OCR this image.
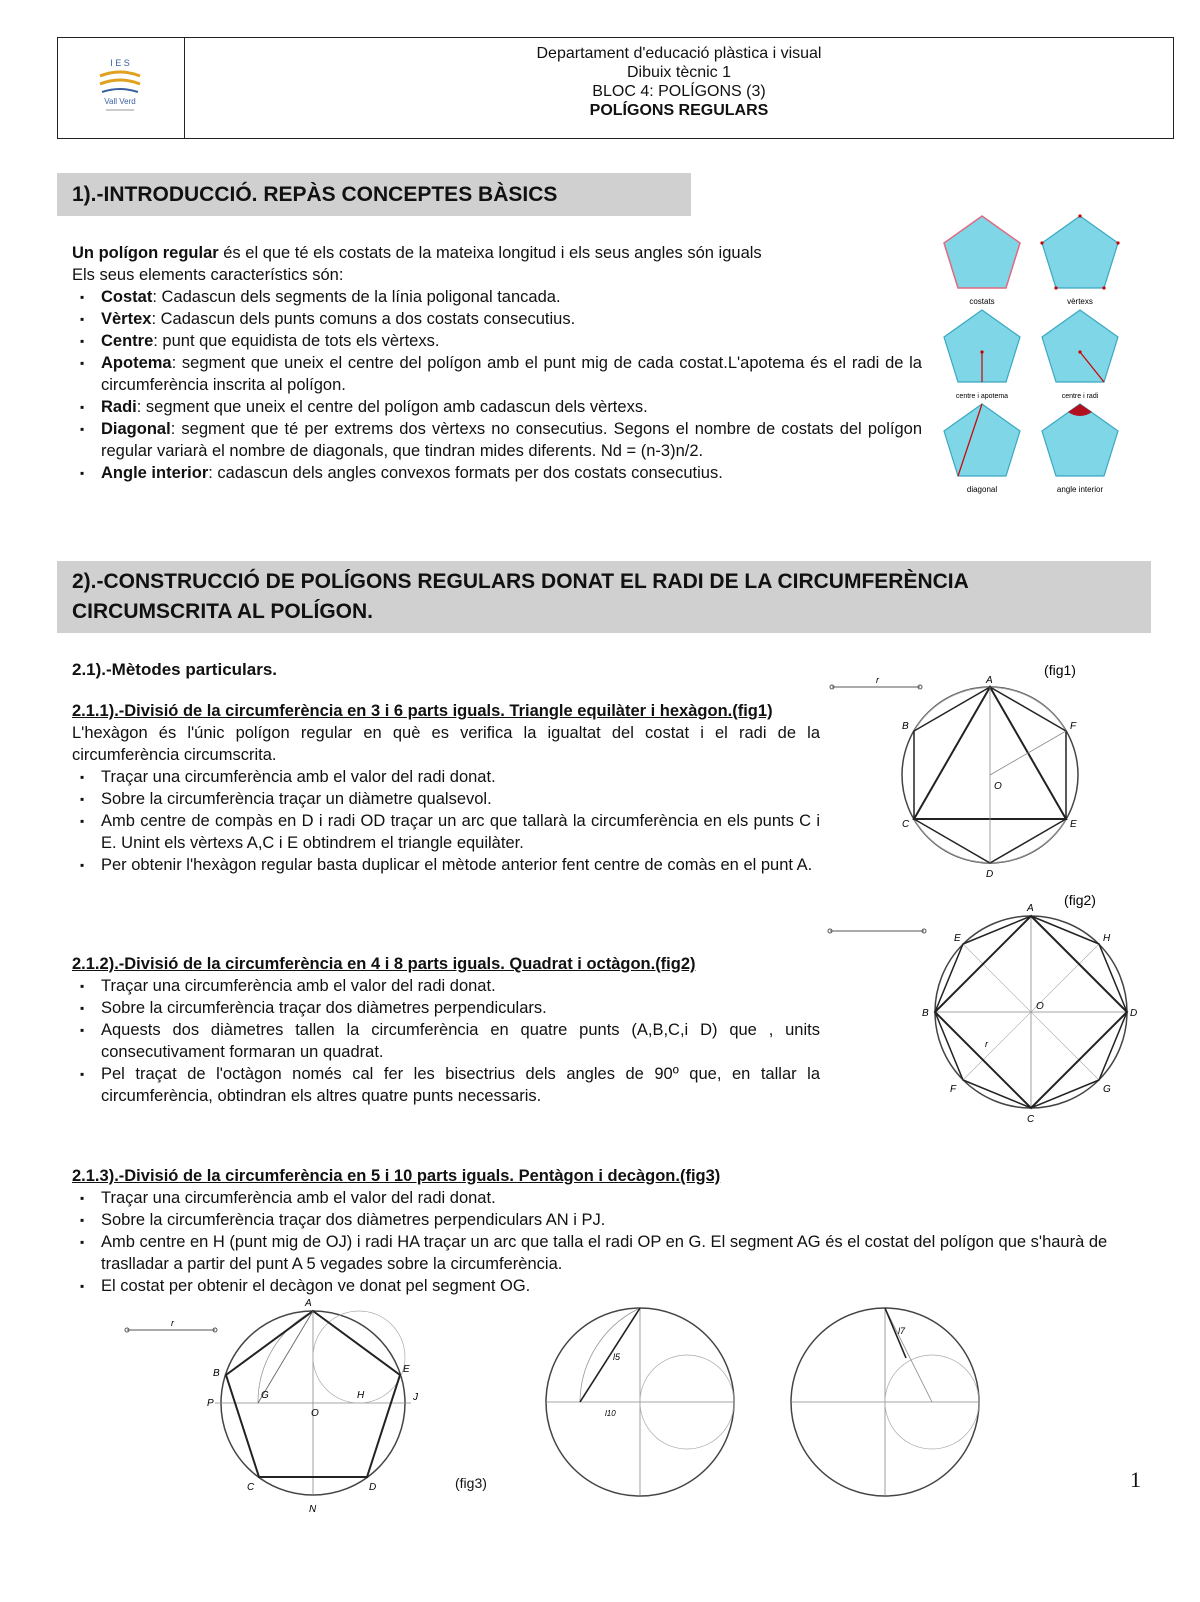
I E S
Vall Verd
Departament d'educació plàstica i visual
Dibuix tècnic 1
BLOC 4: POLÍGONS (3)
POLÍGONS REGULARS
1).-INTRODUCCIÓ. REPÀS CONCEPTES BÀSICS
Un polígon regular és el que té els costats de la mateixa longitud i els seus angles són iguals
Els seus elements característics són:
▪ Costat: Cadascun dels segments de la línia poligonal tancada.
▪ Vèrtex: Cadascun dels punts comuns a dos costats consecutius.
▪ Centre: punt que equidista de tots els vèrtexs.
▪ Apotema: segment que uneix el centre del polígon amb el punt mig de cada costat.L'apotema és el radi de la circumferència inscrita al polígon.
▪ Radi: segment que uneix el centre del polígon amb cadascun dels vèrtexs.
▪ Diagonal: segment que té per extrems dos vèrtexs no consecutius. Segons el nombre de costats del polígon regular variarà el nombre de diagonals, que tindran mides diferents. Nd = (n-3)n/2.
▪ Angle interior: cadascun dels angles convexos formats per dos costats consecutius.
costats	vèrtexs
centre i apotema	centre i radi
diagonal	angle interior
2).-CONSTRUCCIÓ DE POLÍGONS REGULARS DONAT EL RADI DE LA CIRCUMFERÈNCIA
CIRCUMSCRITA AL POLÍGON.
2.1).-Mètodes particulars.
2.1.1).-Divisió de la circumferència en 3 i 6 parts iguals. Triangle equilàter i hexàgon.(fig1)
L'hexàgon és l'únic polígon regular en què es verifica la igualtat del costat i el radi de la circumferència circumscrita.
▪ Traçar una circumferència amb el valor del radi donat.
▪ Sobre la circumferència traçar un diàmetre qualsevol.
▪ Amb centre de compàs en D i radi OD traçar un arc que tallarà la circumferència en els punts C i E. Unint els vèrtexs A,C i E obtindrem el triangle equilàter.
▪ Per obtenir l'hexàgon regular basta duplicar el mètode anterior fent centre de comàs en el punt A.
2.1.2).-Divisió de la circumferència en 4 i 8 parts iguals. Quadrat i octàgon.(fig2)
▪ Traçar una circumferència amb el valor del radi donat.
▪ Sobre la circumferència traçar dos diàmetres perpendiculars.
▪ Aquests dos diàmetres tallen la circumferència en quatre punts (A,B,C,i D) que , units consecutivament formaran un quadrat.
▪ Pel traçat de l'octàgon només cal fer les bisectrius dels angles de 90º que, en tallar la circumferència, obtindran els altres quatre punts necessaris.
2.1.3).-Divisió de la circumferència en 5 i 10 parts iguals. Pentàgon i decàgon.(fig3)
▪ Traçar una circumferència amb el valor del radi donat.
▪ Sobre la circumferència traçar dos diàmetres perpendiculars AN i PJ.
▪ Amb centre en H (punt mig de OJ) i radi HA traçar un arc que talla el radi OP en G. El segment AG és el costat del polígon que s'haurà de traslladar a partir del punt A 5 vegades sobre la circumferència.
▪ El costat per obtenir el decàgon ve donat pel segment OG.
(fig1)
r	A
B
C
D
E
F
O
(fig2)
A
B
C
D
E
F	G
H
O
r
r
A
B
C	D
E
G	H	J
O
P
N
(fig3)
l5
l10
l7
1
